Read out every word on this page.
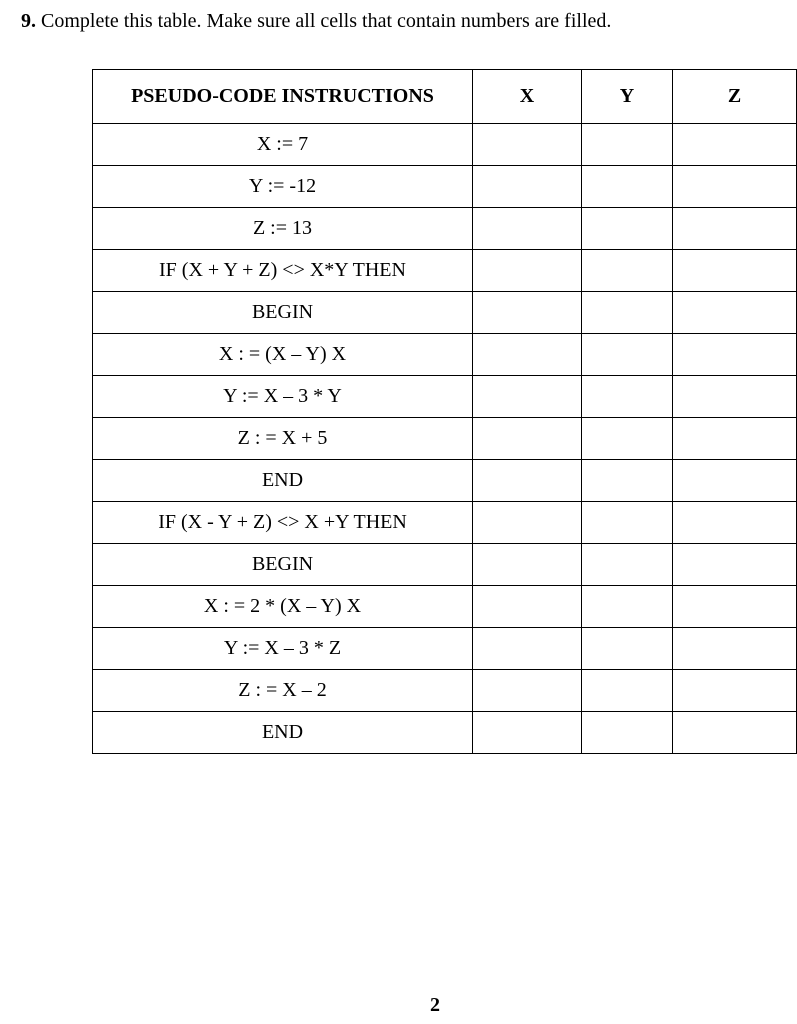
9. Complete this table. Make sure all cells that contain numbers are filled.
PSEUDO-CODE INSTRUCTIONS	X	Y	Z
X := 7			
Y := -12			
Z := 13			
IF (X + Y + Z) <> X*Y THEN			
BEGIN			
X : = (X – Y) X			
Y := X – 3 * Y			
Z : = X + 5			
END			
IF (X - Y + Z) <> X +Y THEN			
BEGIN			
X : = 2 * (X – Y) X			
Y := X – 3 * Z			
Z : = X – 2			
END			
2
